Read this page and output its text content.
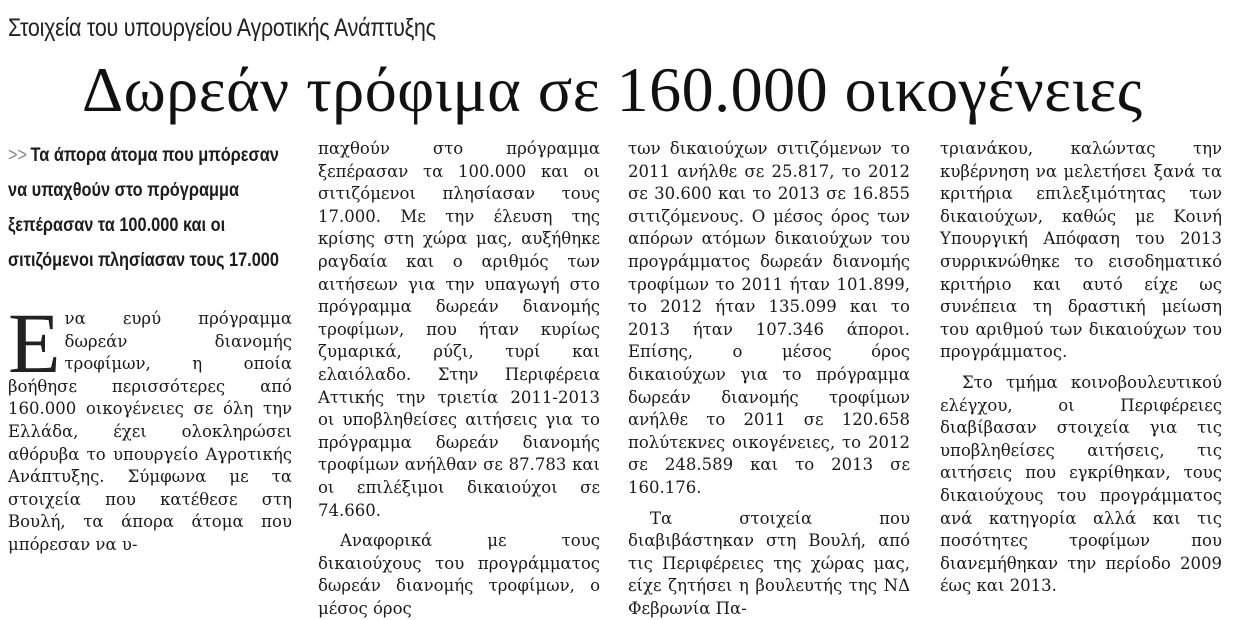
Στοιχεία του υπουργείου Αγροτικής Ανάπτυξης
Δωρεάν τρόφιμα σε 160.000 οικογένειες

>> Τα άπορα άτομα που μπόρεσαν να υπαχθούν στο πρόγραμμα ξεπέρασαν τα 100.000 και οι σιτιζόμενοι πλησίασαν τους 17.000

Ενα ευρύ πρόγραμμα δωρεάν διανομής τροφίμων, η οποία βοήθησε περισσότερες από 160.000 οικογένειες σε όλη την Ελλάδα, έχει ολοκληρώσει αθόρυβα το υπουργείο Αγροτικής Ανάπτυξης. Σύμφωνα με τα στοιχεία που κατέθεσε στη Βουλή, τα άπορα άτομα που μπόρεσαν να υ-

παχθούν στο πρόγραμμα ξεπέρασαν τα 100.000 και οι σιτιζόμενοι πλησίασαν τους 17.000. Με την έλευση της κρίσης στη χώρα μας, αυξήθηκε ραγδαία και ο αριθμός των αιτήσεων για την υπαγωγή στο πρόγραμμα δωρεάν διανομής τροφίμων, που ήταν κυρίως ζυμαρικά, ρύζι, τυρί και ελαιόλαδο. Στην Περιφέρεια Αττικής την τριετία 2011-2013 οι υποβληθείσες αιτήσεις για το πρόγραμμα δωρεάν διανομής τροφίμων ανήλθαν σε 87.783 και οι επιλέξιμοι δικαιούχοι σε 74.660.

Αναφορικά με τους δικαιούχους του προγράμματος δωρεάν διανομής τροφίμων, ο μέσος όρος

των δικαιούχων σιτιζόμενων το 2011 ανήλθε σε 25.817, το 2012 σε 30.600 και το 2013 σε 16.855 σιτιζόμενους. Ο μέσος όρος των απόρων ατόμων δικαιούχων του προγράμματος δωρεάν διανομής τροφίμων το 2011 ήταν 101.899, το 2012 ήταν 135.099 και το 2013 ήταν 107.346 άποροι. Επίσης, ο μέσος όρος δικαιούχων για το πρόγραμμα δωρεάν διανομής τροφίμων ανήλθε το 2011 σε 120.658 πολύτεκνες οικογένειες, το 2012 σε 248.589 και το 2013 σε 160.176.

Τα στοιχεία που διαβιβάστηκαν στη Βουλή, από τις Περιφέρειες της χώρας μας, είχε ζητήσει η βουλευτής της ΝΔ Φεβρωνία Πα-

τριανάκου, καλώντας την κυβέρνηση να μελετήσει ξανά τα κριτήρια επιλεξιμότητας των δικαιούχων, καθώς με Κοινή Υπουργική Απόφαση του 2013 συρρικνώθηκε το εισοδηματικό κριτήριο και αυτό είχε ως συνέπεια τη δραστική μείωση του αριθμού των δικαιούχων του προγράμματος.

Στο τμήμα κοινοβουλευτικού ελέγχου, οι Περιφέρειες διαβίβασαν στοιχεία για τις υποβληθείσες αιτήσεις, τις αιτήσεις που εγκρίθηκαν, τους δικαιούχους του προγράμματος ανά κατηγορία αλλά και τις ποσότητες τροφίμων που διανεμήθηκαν την περίοδο 2009 έως και 2013.
